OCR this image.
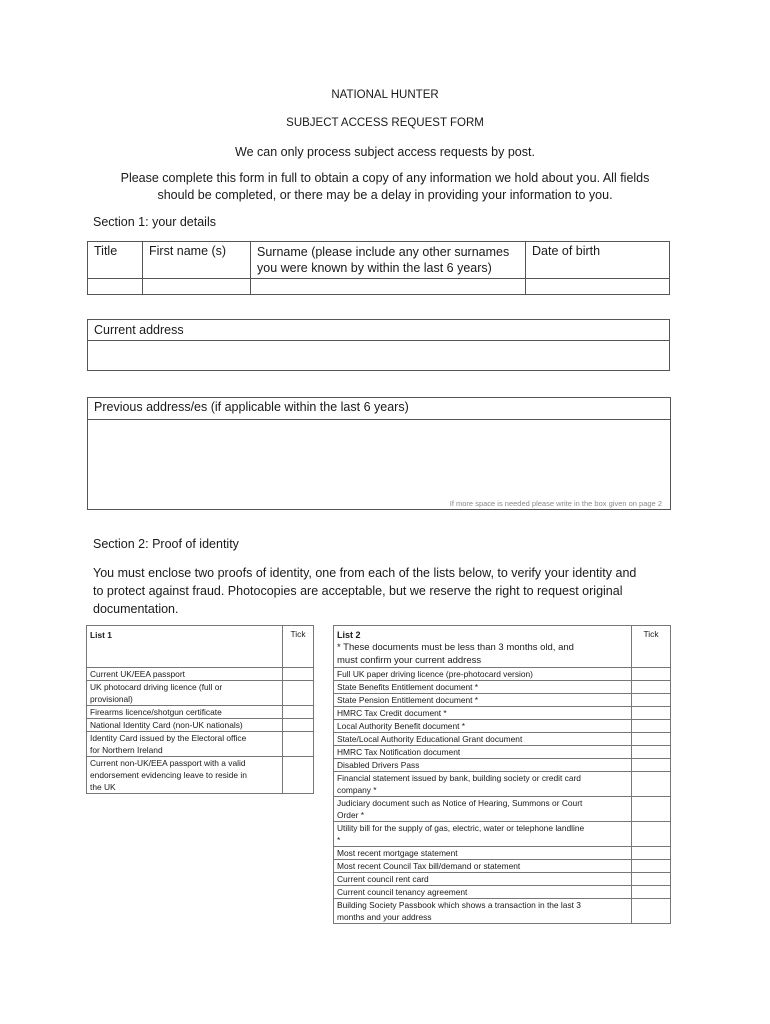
NATIONAL HUNTER
SUBJECT ACCESS REQUEST FORM
We can only process subject access requests by post.
Please complete this form in full to obtain a copy of any information we hold about you. All fields
should be completed, or there may be a delay in providing your information to you.
Section 1: your details
Title	First name (s)	Surname (please include any other surnames
you were known by within the last 6 years)	Date of birth

Current address

Previous address/es (if applicable within the last 6 years)
If more space is needed please write in the box given on page 2
Section 2: Proof of identity
You must enclose two proofs of identity, one from each of the lists below, to verify your identity and
to protect against fraud. Photocopies are acceptable, but we reserve the right to request original
documentation.
List 1	Tick

Current UK/EEA passport	

UK photocard driving licence (full or
provisional)	

Firearms licence/shotgun certificate	

National Identity Card (non-UK nationals)	

Identity Card issued by the Electoral office
for Northern Ireland	

Current non-UK/EEA passport with a valid
endorsement evidencing leave to reside in
the UK	

List 2
* These documents must be less than 3 months old, and
must confirm your current address	Tick

Full UK paper driving licence (pre-photocard version)	

State Benefits Entitlement document *	

State Pension Entitlement document *	

HMRC Tax Credit document *	

Local Authority Benefit document *	

State/Local Authority Educational Grant document	

HMRC Tax Notification document	

Disabled Drivers Pass	

Financial statement issued by bank, building society or credit card
company *	

Judiciary document such as Notice of Hearing, Summons or Court
Order *	

Utility bill for the supply of gas, electric, water or telephone landline
*	

Most recent mortgage statement	

Most recent Council Tax bill/demand or statement	

Current council rent card	

Current council tenancy agreement	

Building Society Passbook which shows a transaction in the last 3
months and your address	
